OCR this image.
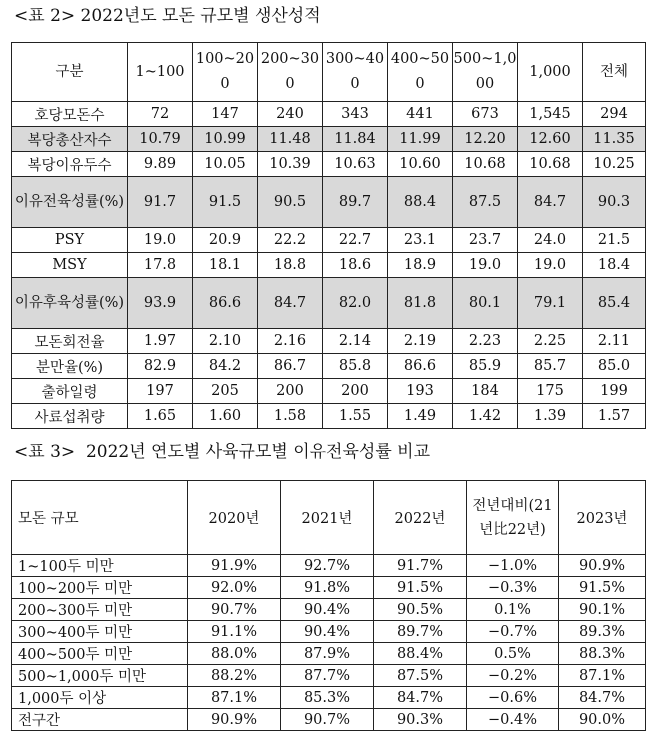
<표 2> 2022년도 모돈 규모별 생산성적
구분	1~100	100~200	200~300	300~400	400~500	500~1,000	1,000	전체
호당모돈수	72	147	240	343	441	673	1,545	294
복당총산자수	10.79	10.99	11.48	11.84	11.99	12.20	12.60	11.35
복당이유두수	9.89	10.05	10.39	10.63	10.60	10.68	10.68	10.25
이유전육성률(%)	91.7	91.5	90.5	89.7	88.4	87.5	84.7	90.3
PSY	19.0	20.9	22.2	22.7	23.1	23.7	24.0	21.5
MSY	17.8	18.1	18.8	18.6	18.9	19.0	19.0	18.4
이유후육성률(%)	93.9	86.6	84.7	82.0	81.8	80.1	79.1	85.4
모돈회전율	1.97	2.10	2.16	2.14	2.19	2.23	2.25	2.11
분만율(%)	82.9	84.2	86.7	85.8	86.6	85.9	85.7	85.0
출하일령	197	205	200	200	193	184	175	199
사료섭취량	1.65	1.60	1.58	1.55	1.49	1.42	1.39	1.57
<표 3>  2022년 연도별 사육규모별 이유전육성률 비교
모돈 규모	2020년	2021년	2022년	전년대비(21년比22년)	2023년
1~100두 미만	91.9%	92.7%	91.7%	−1.0%	90.9%
100~200두 미만	92.0%	91.8%	91.5%	−0.3%	91.5%
200~300두 미만	90.7%	90.4%	90.5%	0.1%	90.1%
300~400두 미만	91.1%	90.4%	89.7%	−0.7%	89.3%
400~500두 미만	88.0%	87.9%	88.4%	0.5%	88.3%
500~1,000두 미만	88.2%	87.7%	87.5%	−0.2%	87.1%
1,000두 이상	87.1%	85.3%	84.7%	−0.6%	84.7%
전구간	90.9%	90.7%	90.3%	−0.4%	90.0%
